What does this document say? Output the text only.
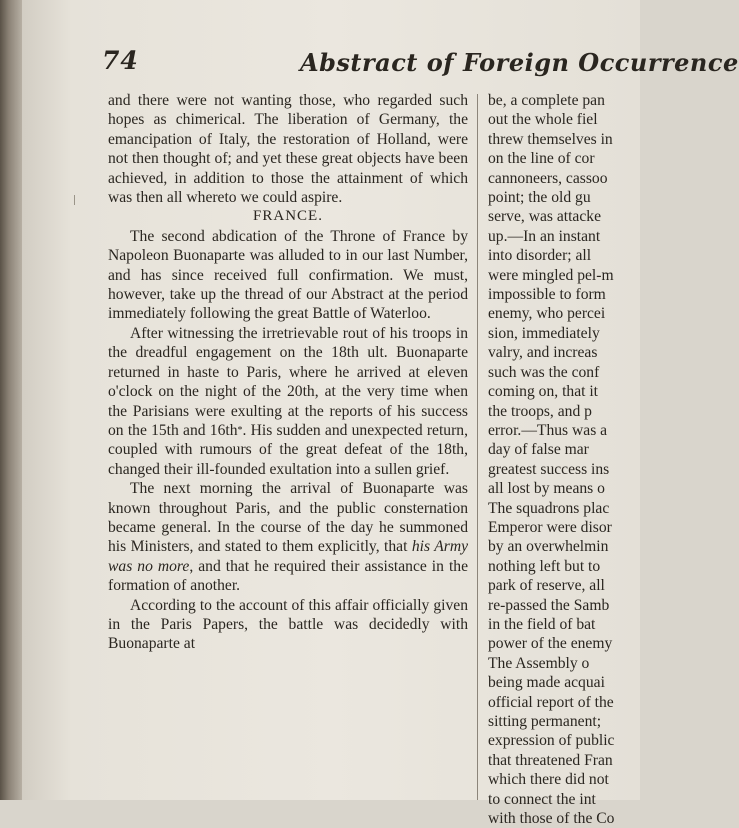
74	Abstract of Foreign Occurrence

and there were not wanting those, who regarded such hopes as chimerical. The liberation of Germany, the emancipation of Italy, the restoration of Holland, were not then thought of; and yet these great objects have been achieved, in addition to those the attainment of which was then all whereto we could aspire.

FRANCE.

The second abdication of the Throne of France by Napoleon Buonaparte was alluded to in our last Number, and has since received full confirmation. We must, however, take up the thread of our Abstract at the period immediately following the great Battle of Waterloo.

After witnessing the irretrievable rout of his troops in the dreadful engagement on the 18th ult. Buonaparte returned in haste to Paris, where he arrived at eleven o'clock on the night of the 20th, at the very time when the Parisians were exulting at the reports of his success on the 15th and 16th*. His sudden and unexpected return, coupled with rumours of the great defeat of the 18th, changed their ill-founded exultation into a sullen grief.

The next morning the arrival of Buonaparte was known throughout Paris, and the public consternation became general. In the course of the day he summoned his Ministers, and stated to them explicitly, that his Army was no more, and that he required their assistance in the formation of another.

According to the account of this affair officially given in the Paris Papers, the battle was decidedly with Buonaparte at

be, a complete pan
out the whole fiel
threw themselves in
on the line of cor
cannoneers, cassoo
point; the old gu
serve, was attacke
up.—In an instant
into disorder; all
were mingled pel-m
impossible to form
enemy, who percei
sion, immediately
valry, and increas
such was the conf
coming on, that it
the troops, and p
error.—Thus was a
day of false mar
greatest success ins
all lost by means o
The squadrons plac
Emperor were disor
by an overwhelmin
nothing left but to
park of reserve, all
re-passed the Samb
in the field of bat
power of the enemy
The Assembly o
being made acquai
official report of the
sitting permanent;
expression of public
that threatened Fran
which there did not
to connect the int
with those of the Co
